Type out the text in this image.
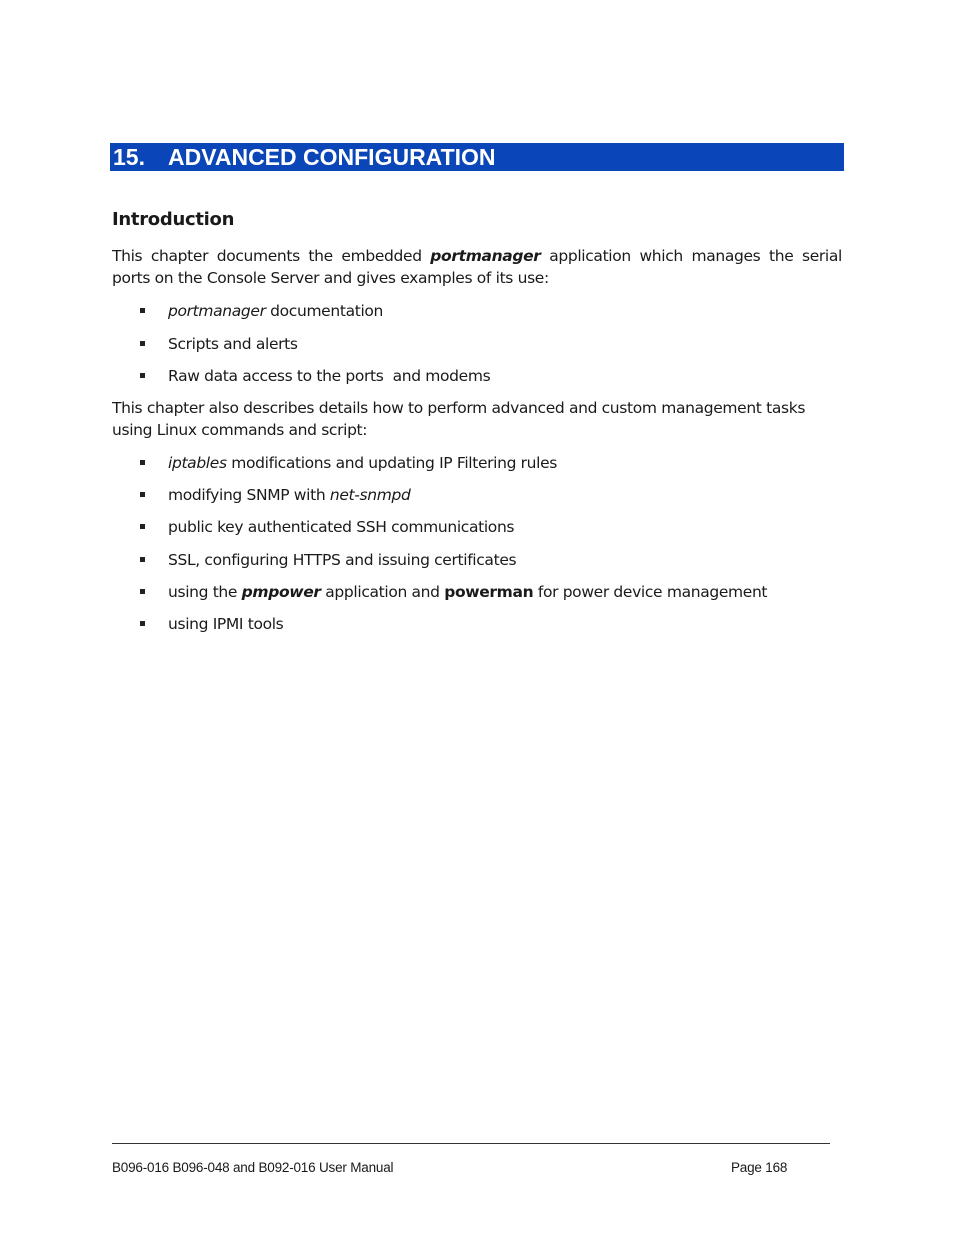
15. ADVANCED CONFIGURATION
Introduction
This chapter documents the embedded portmanager application which manages the serial
ports on the Console Server and gives examples of its use:
portmanager documentation
Scripts and alerts
Raw data access to the ports  and modems
This chapter also describes details how to perform advanced and custom management tasks
using Linux commands and script:
iptables modifications and updating IP Filtering rules
modifying SNMP with net-snmpd
public key authenticated SSH communications
SSL, configuring HTTPS and issuing certificates
using the pmpower application and powerman for power device management
using IPMI tools
B096-016 B096-048 and B092-016 User Manual	Page 168
